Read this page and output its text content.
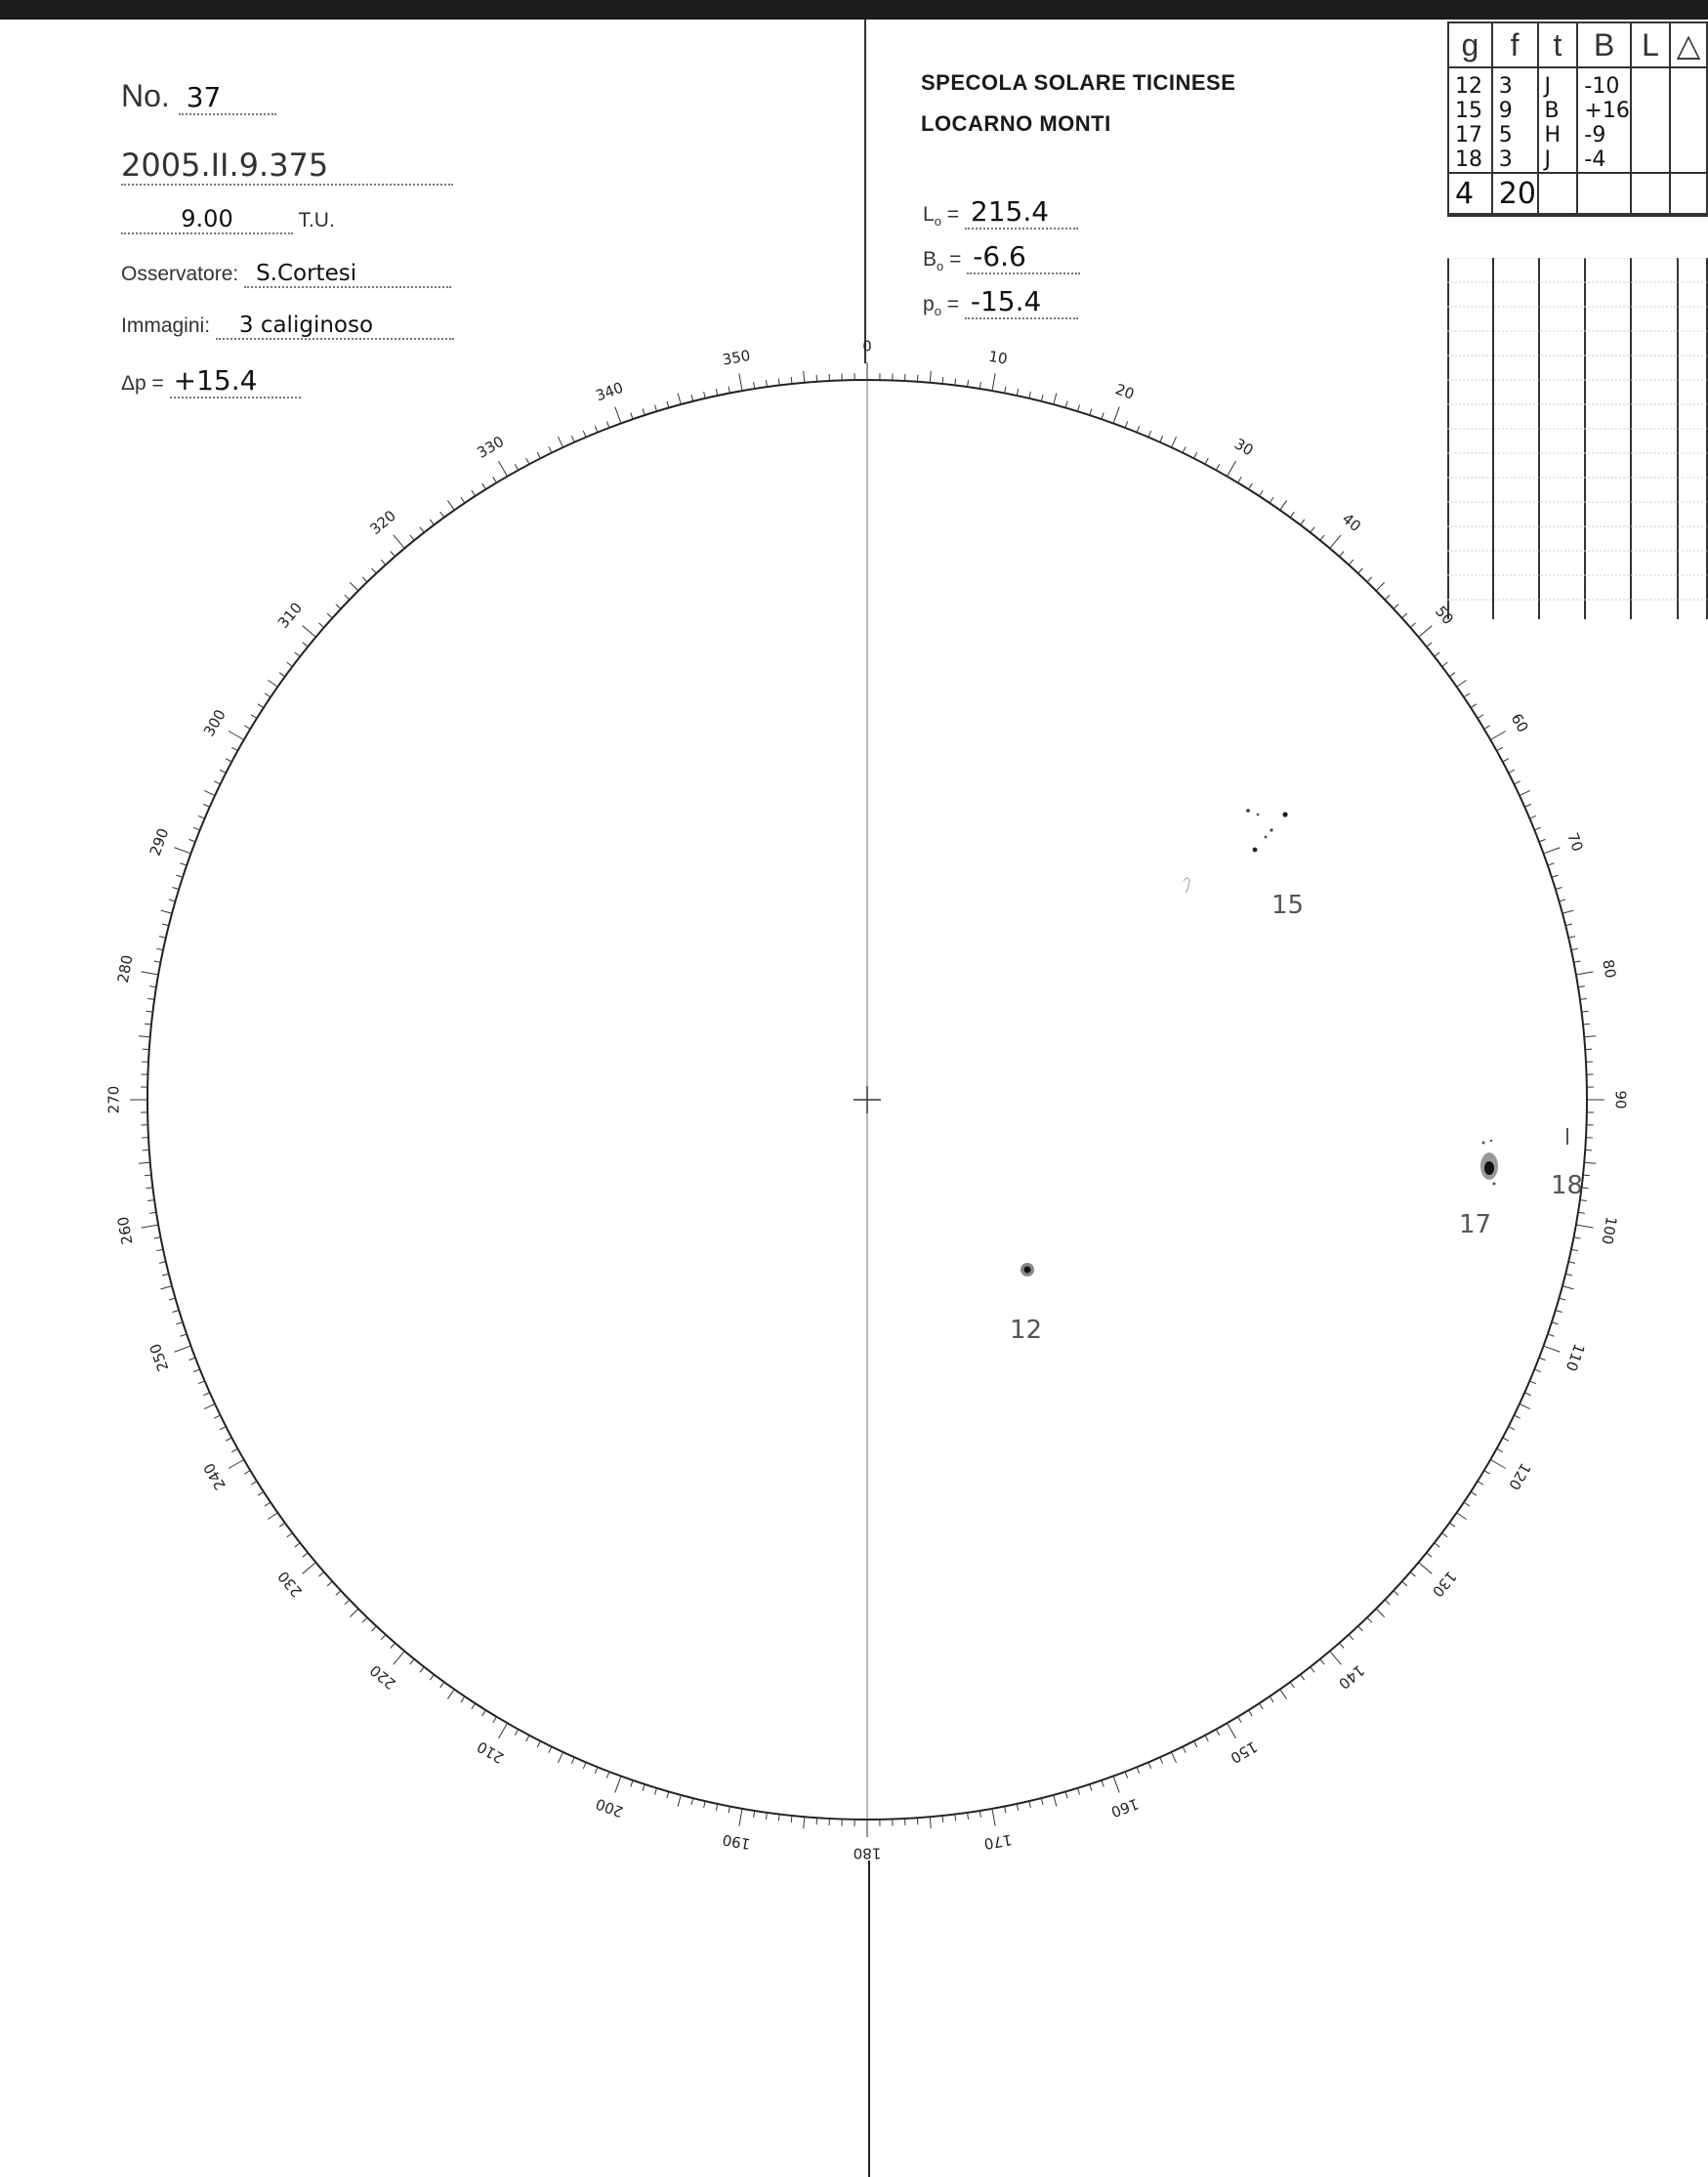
No. 37
2005.II.9.375
9.00	T.U.
Osservatore: S.Cortesi
Immagini: 3 caliginoso
Δp = +15.4
SPECOLA SOLARE TICINESE
LOCARNO MONTI
$L_o = 215.4$
$B_o = -6.6$
$p_o = -15.4$
0
10
20
30
40
50
60
70
80
90
100
110
120
130
140
150
160
170
180
190
200
210
220
230
240
250
260
270
280
290
300
310
320
330
340
350
15
17
18
12
g	f	t	B	L	△

12	3	J	-10		
15	9	B	+16		
17	5	H	-9		
18	3	J	-4		
4	20				
